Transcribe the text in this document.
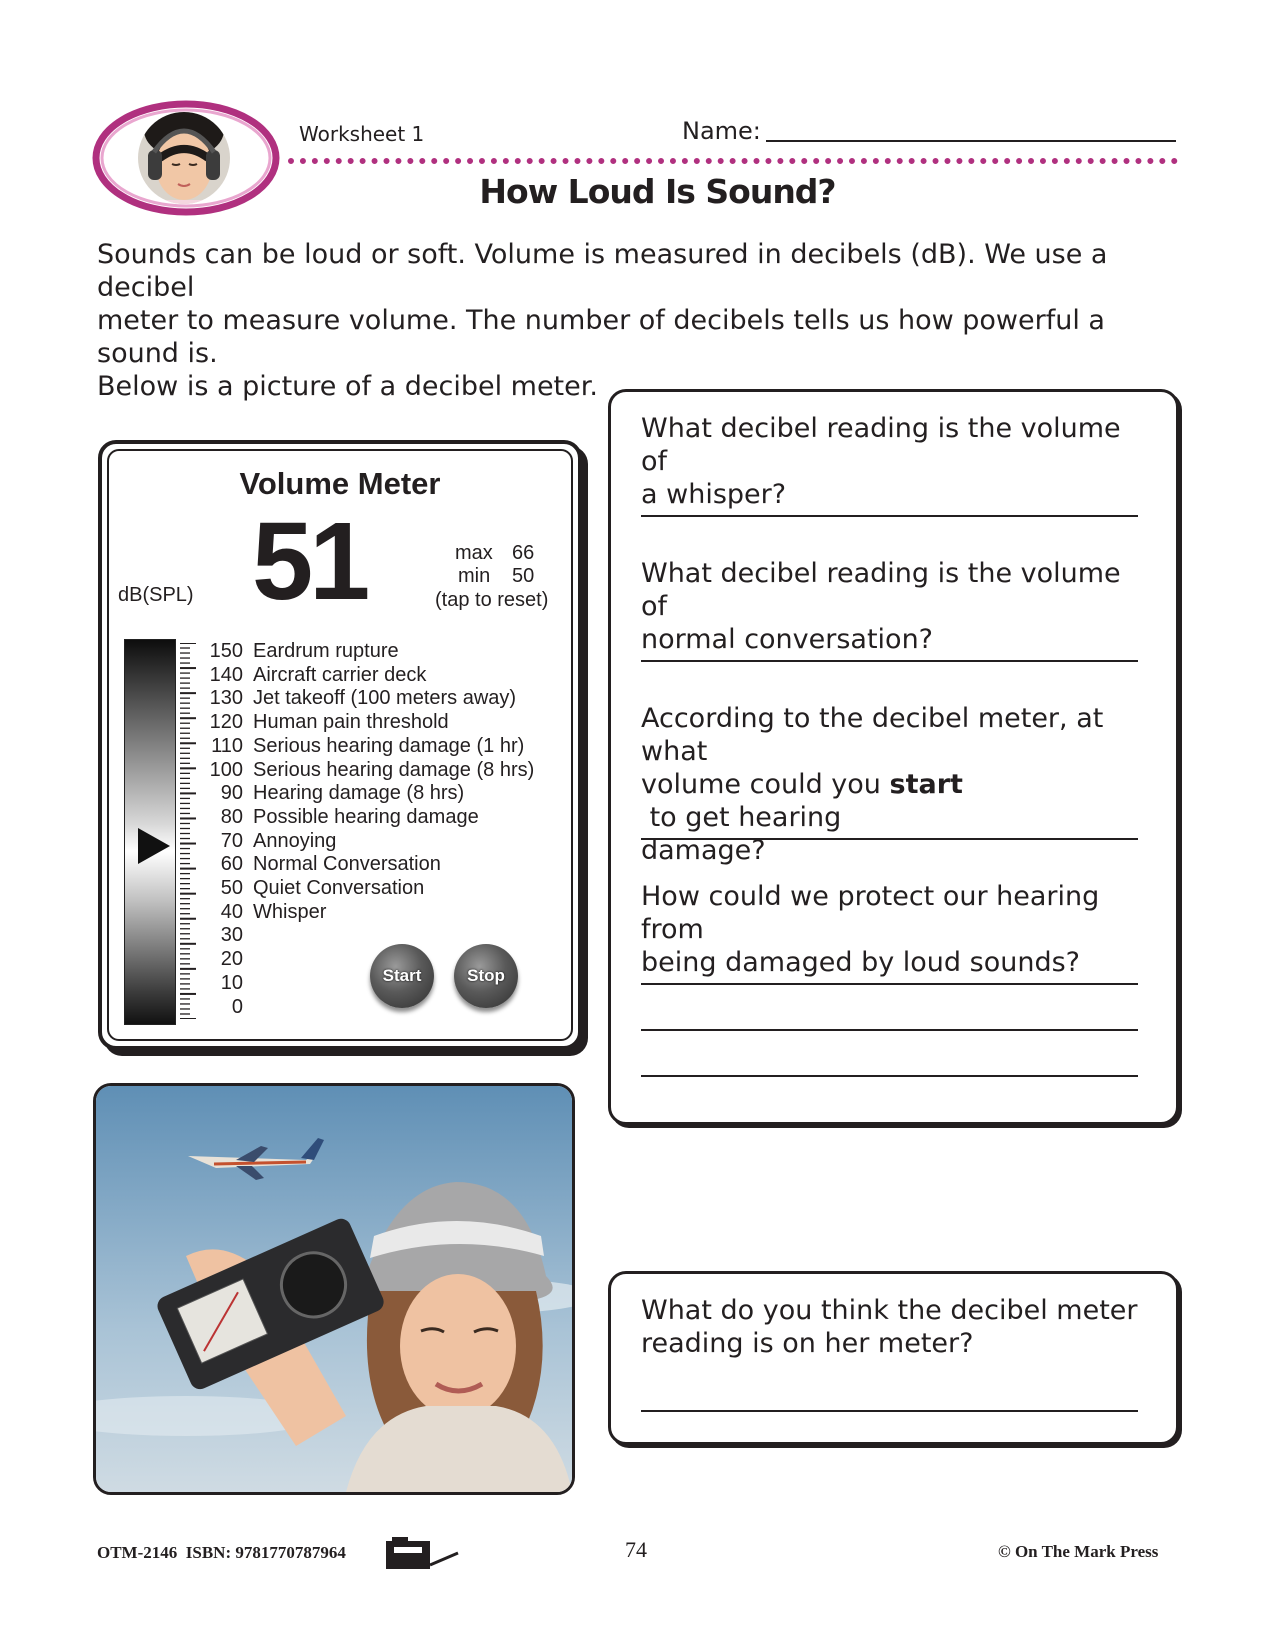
Worksheet 1	Name:
How Loud Is Sound?

Sounds can be loud or soft. Volume is measured in decibels (dB). We use a decibel

meter to measure volume. The number of decibels tells us how powerful a sound is.

Below is a picture of a decibel meter.

Volume Meter
51
dB(SPL)
max 66
min 50
(tap to reset)
150 Eardrum rupture
140 Aircraft carrier deck
130 Jet takeoff (100 meters away)
120 Human pain threshold
110 Serious hearing damage (1 hr)
100 Serious hearing damage (8 hrs)
90 Hearing damage (8 hrs)
80 Possible hearing damage
70 Annoying
60 Normal Conversation
50 Quiet Conversation
40 Whisper
30
20
10
0
Start	Stop
What decibel reading is the volume of
a whisper?
What decibel reading is the volume of
normal conversation?
According to the decibel meter, at what
volume could you start to get hearing
damage?
How could we protect our hearing from
being damaged by loud sounds?
What do you think the decibel meter
reading is on her meter?
OTM-2146  ISBN: 9781770787964	74	© On The Mark Press
